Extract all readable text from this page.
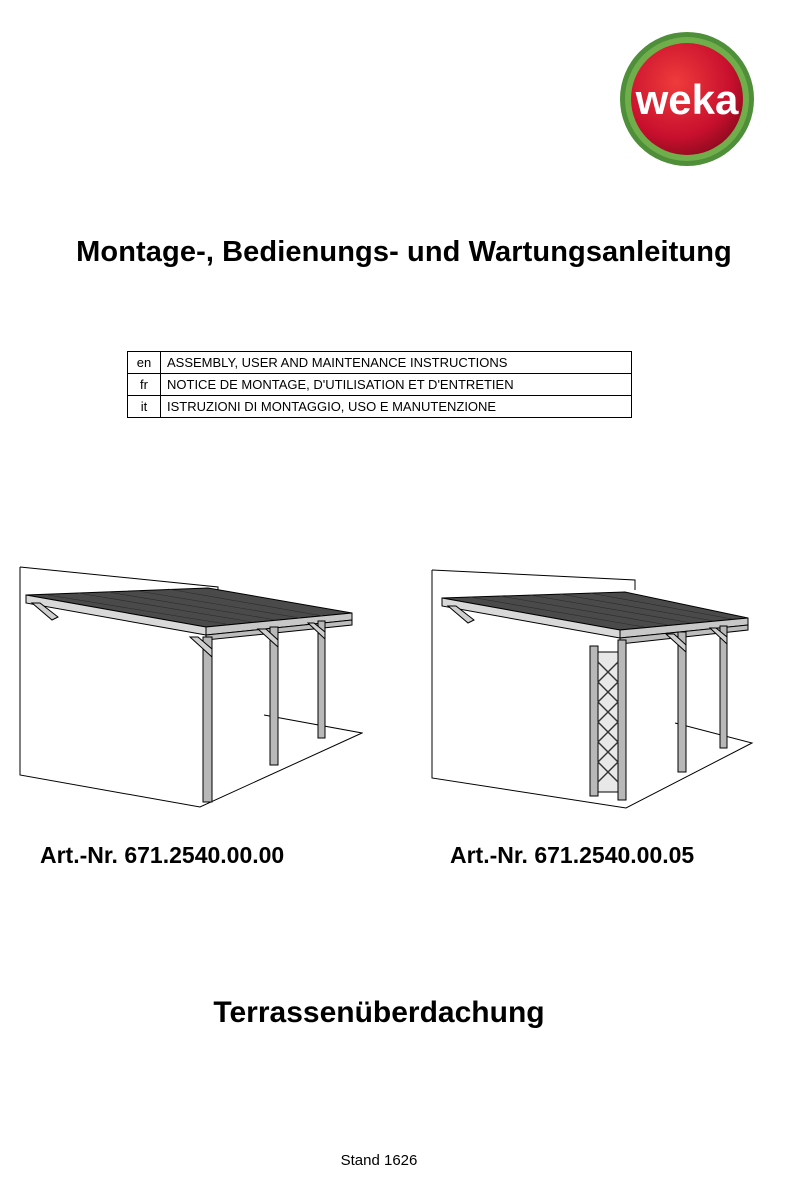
weka
Montage-, Bedienungs- und Wartungsanleitung
en	ASSEMBLY, USER AND MAINTENANCE INSTRUCTIONS
fr	NOTICE DE MONTAGE, D'UTILISATION ET D'ENTRETIEN
it	ISTRUZIONI DI MONTAGGIO, USO E MANUTENZIONE

Art.-Nr. 671.2540.00.00	Art.-Nr. 671.2540.00.05

Terrassenüberdachung
Stand 1626
